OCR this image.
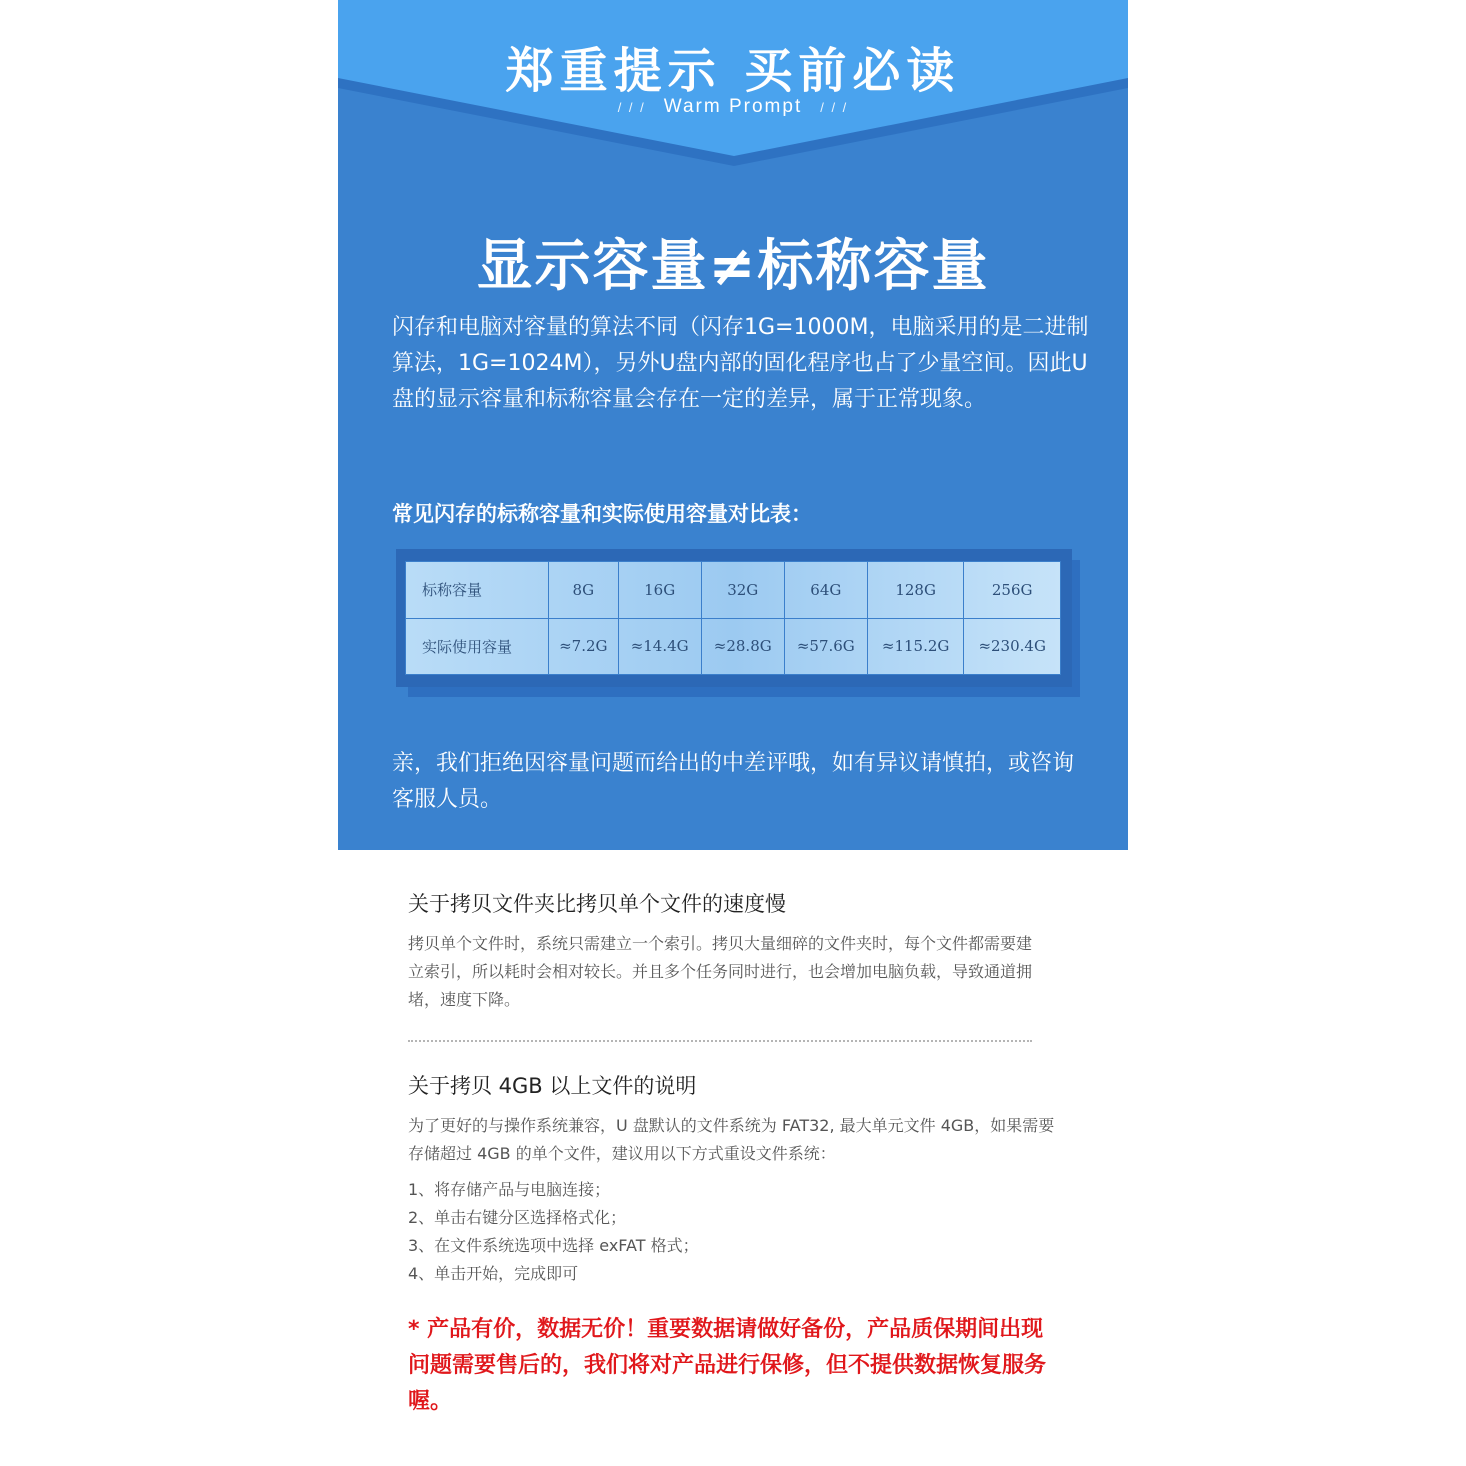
郑重提示 买前必读
/ / / Warm Prompt / / /
显示容量≠标称容量
闪存和电脑对容量的算法不同（闪存1G=1000M，电脑采用的是二进制算法，1G=1024M），另外U盘内部的固化程序也占了少量空间。因此U盘的显示容量和标称容量会存在一定的差异，属于正常现象。
常见闪存的标称容量和实际使用容量对比表：
标称容量	8G	16G	32G	64G	128G	256G
实际使用容量	≈7.2G	≈14.4G	≈28.8G	≈57.6G	≈115.2G	≈230.4G
亲，我们拒绝因容量问题而给出的中差评哦，如有异议请慎拍，或咨询客服人员。
关于拷贝文件夹比拷贝单个文件的速度慢
拷贝单个文件时，系统只需建立一个索引。拷贝大量细碎的文件夹时，每个文件都需要建立索引，所以耗时会相对较长。并且多个任务同时进行，也会增加电脑负载，导致通道拥堵，速度下降。
关于拷贝 4GB 以上文件的说明
为了更好的与操作系统兼容，U 盘默认的文件系统为 FAT32, 最大单元文件 4GB，如果需要存储超过 4GB 的单个文件，建议用以下方式重设文件系统：
1、将存储产品与电脑连接；
2、单击右键分区选择格式化；
3、在文件系统选项中选择 exFAT 格式；
4、单击开始，完成即可
* 产品有价，数据无价！重要数据请做好备份，产品质保期间出现问题需要售后的，我们将对产品进行保修，但不提供数据恢复服务喔。
